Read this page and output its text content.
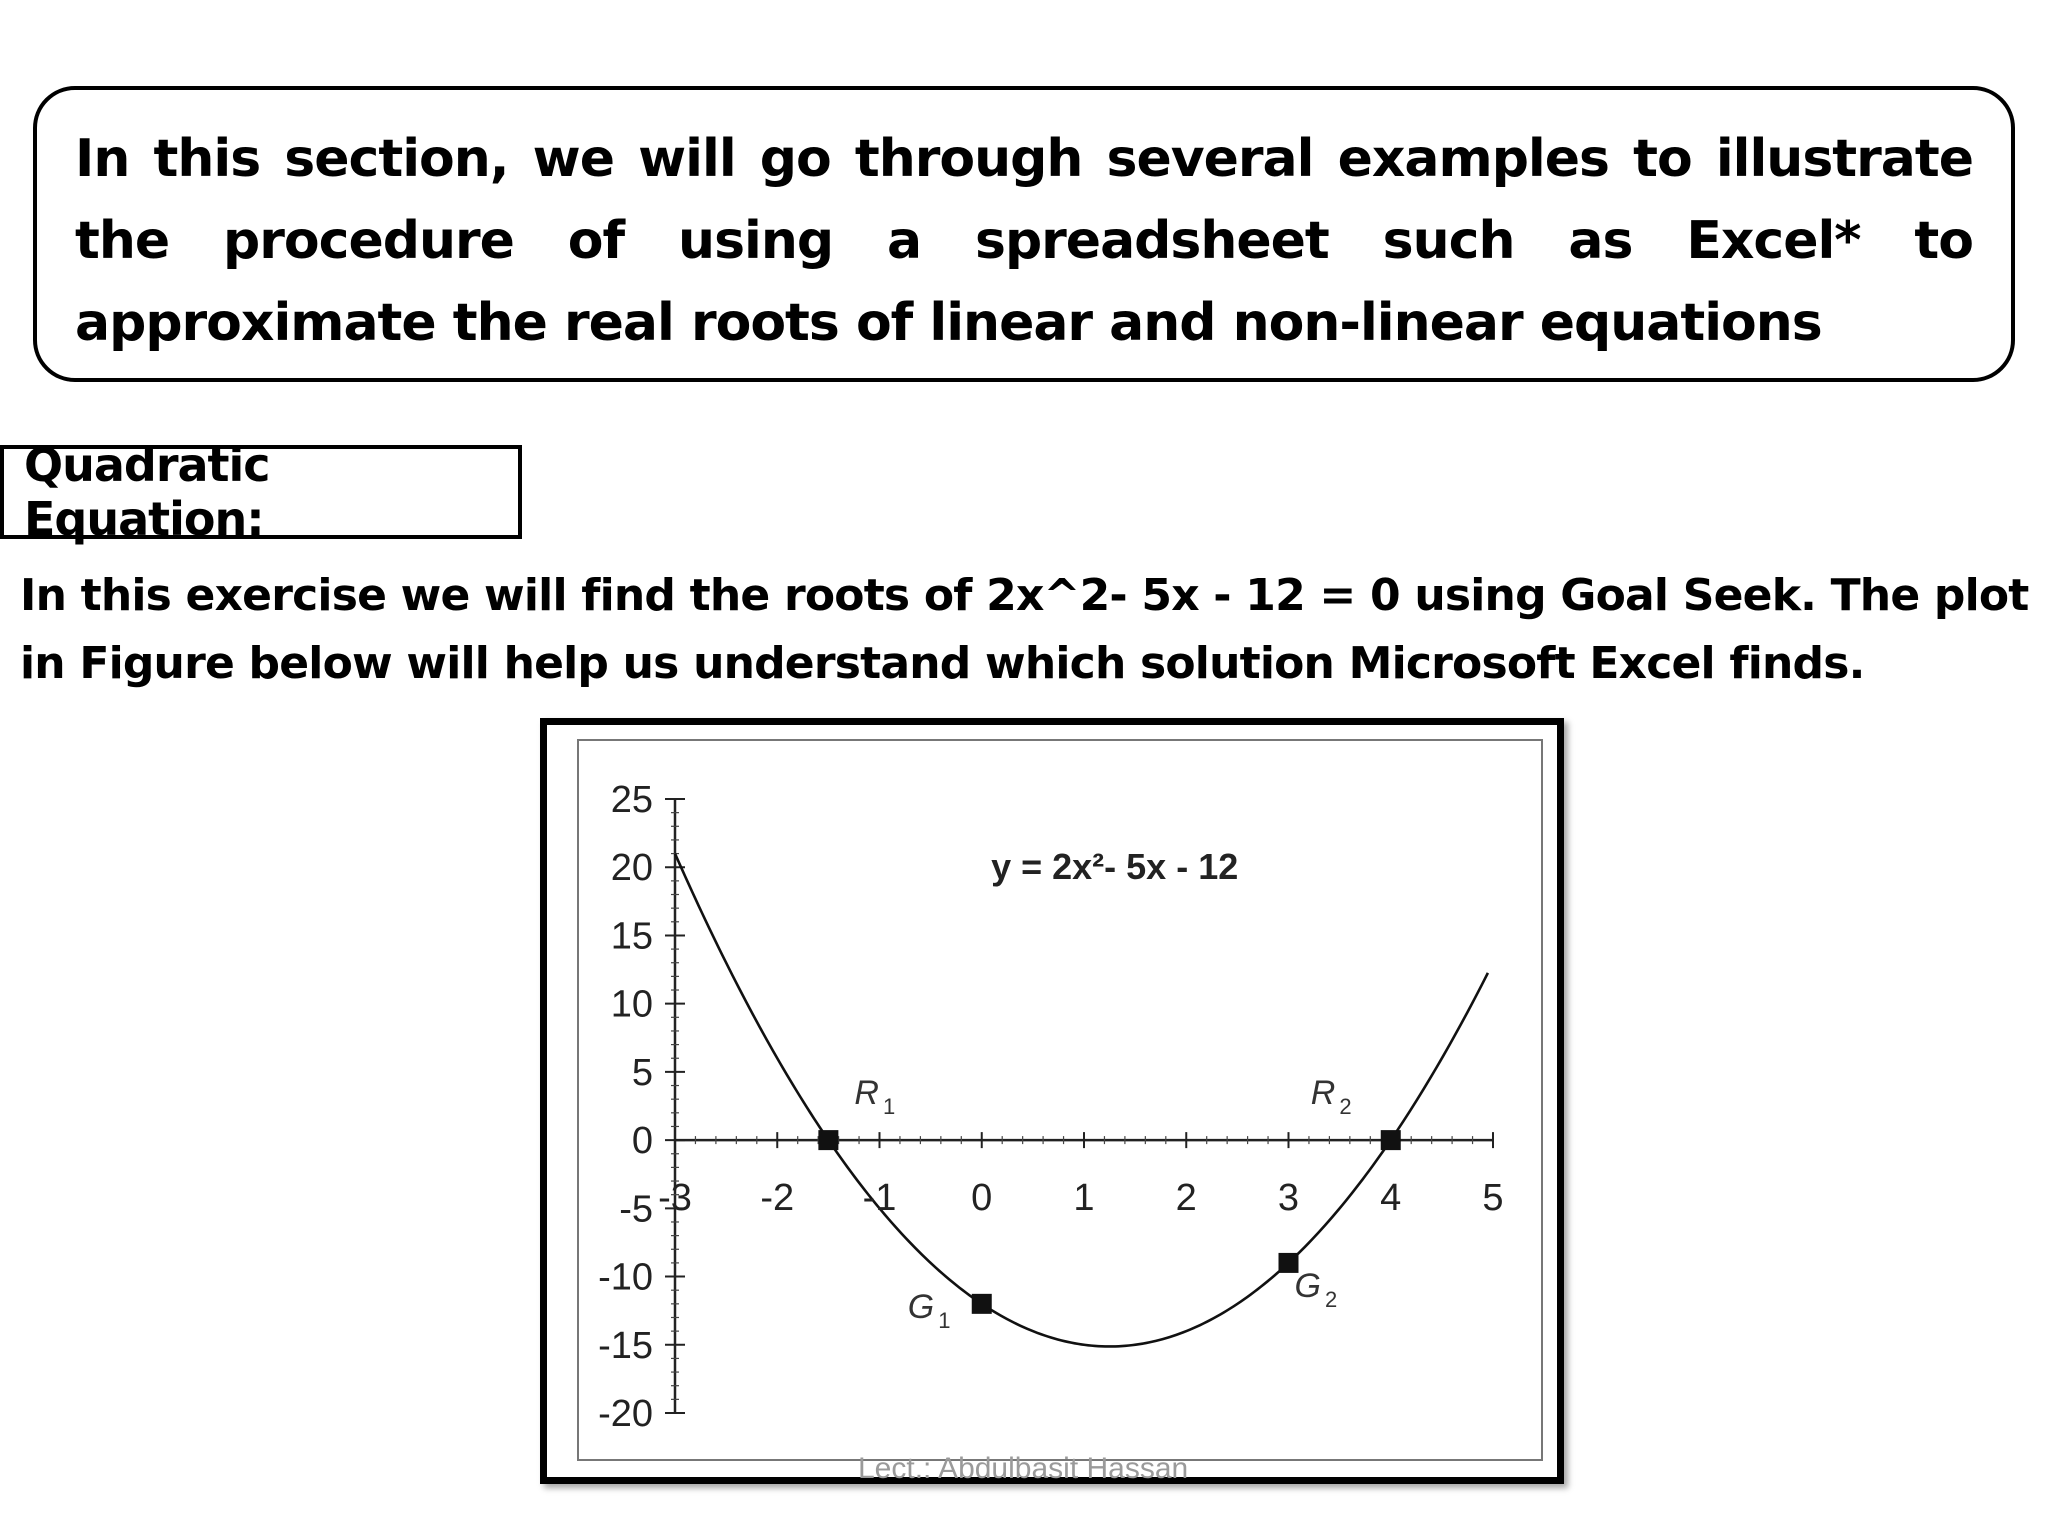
In this section, we will go through several examples to illustrate the procedure of using a spreadsheet such as Excel* to approximate the real roots of linear and non-linear equations

Quadratic Equation:

In this exercise we will find the roots of 2x^2- 5x - 12 = 0 using Goal Seek. The plot in Figure below will help us understand which solution Microsoft Excel finds.

25
20
15
10
5
0
-5
-10
-15
-20
-3 -2 -1 0 1 2 3 4 5
R $_1$	R $_2$
G $_1$
G $_2$
y = 2x²- 5x - 12
Lect.: Abdulbasit Hassan
